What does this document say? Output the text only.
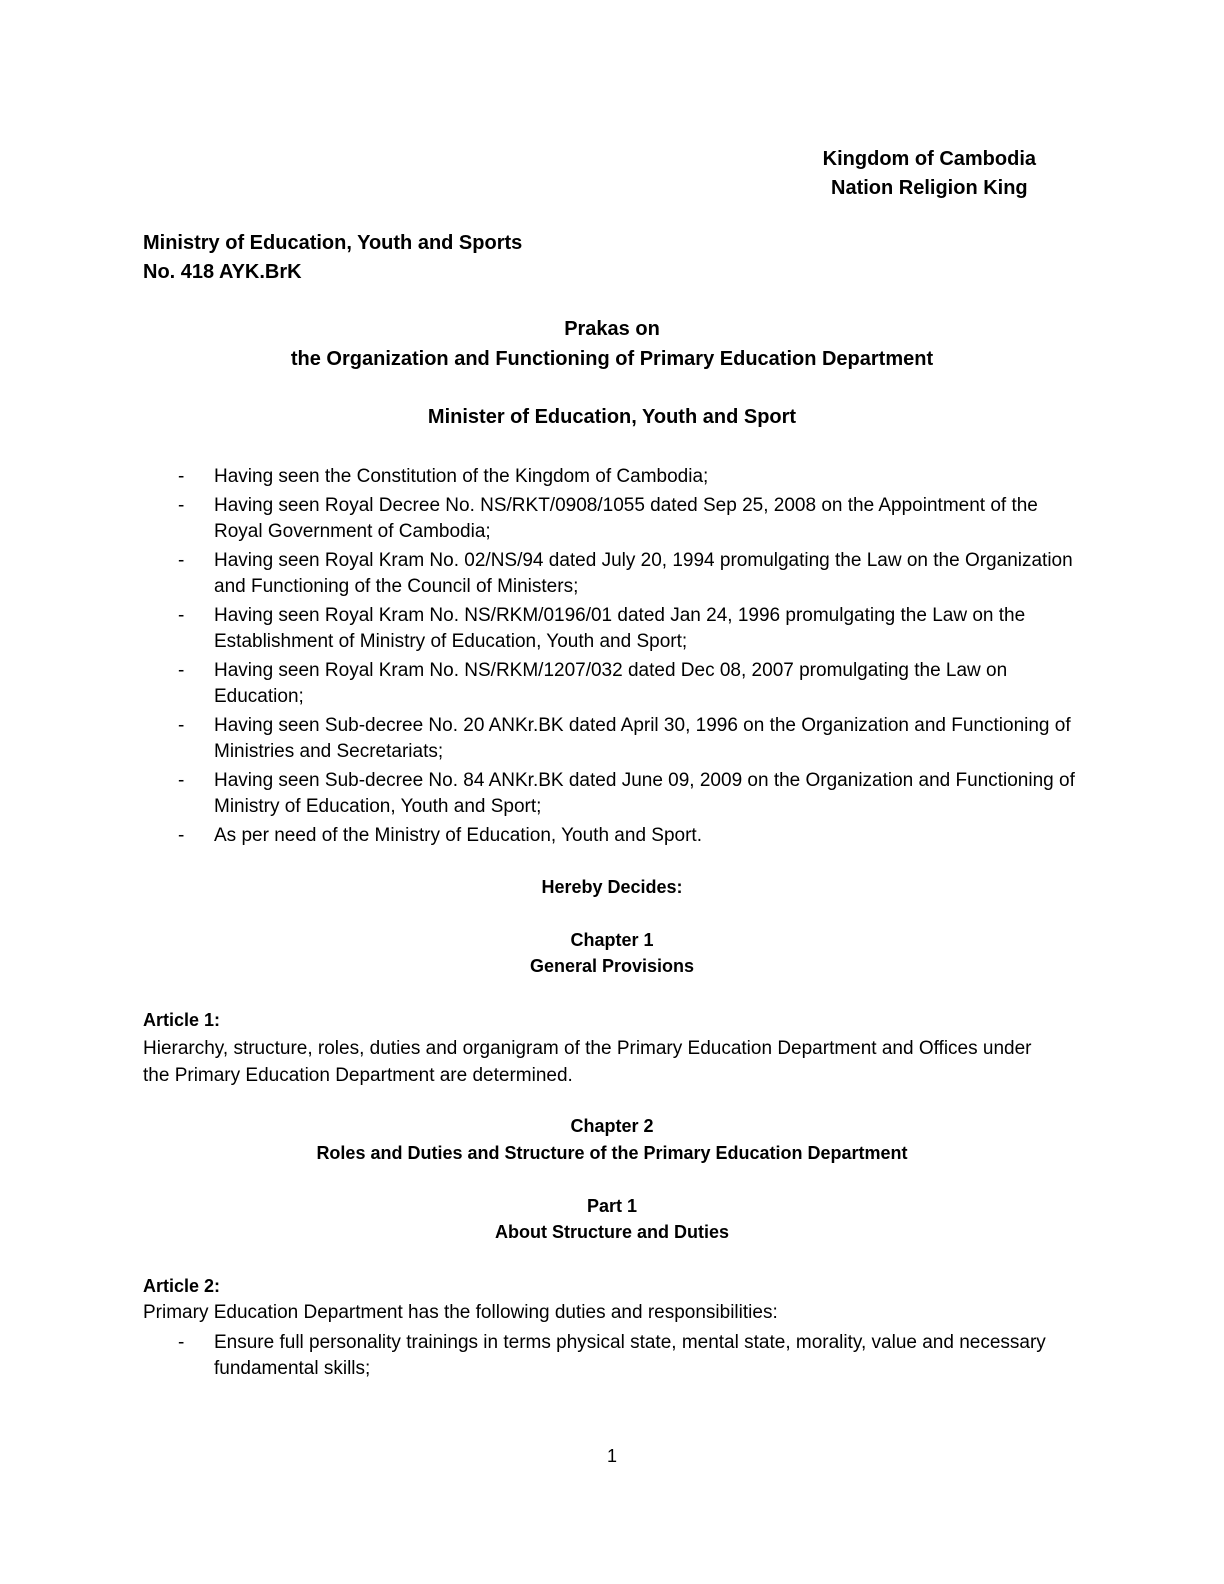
Kingdom of Cambodia
Nation Religion King
Ministry of Education, Youth and Sports
No. 418 AYK.BrK
Prakas on
the Organization and Functioning of Primary Education Department
Minister of Education, Youth and Sport
- Having seen the Constitution of the Kingdom of Cambodia;
- Having seen Royal Decree No. NS/RKT/0908/1055 dated Sep 25, 2008 on the Appointment of the Royal Government of Cambodia;
- Having seen Royal Kram No. 02/NS/94 dated July 20, 1994 promulgating the Law on the Organization and Functioning of the Council of Ministers;
- Having seen Royal Kram No. NS/RKM/0196/01 dated Jan 24, 1996 promulgating the Law on the Establishment of Ministry of Education, Youth and Sport;
- Having seen Royal Kram No. NS/RKM/1207/032 dated Dec 08, 2007 promulgating the Law on Education;
- Having seen Sub-decree No. 20 ANKr.BK dated April 30, 1996 on the Organization and Functioning of Ministries and Secretariats;
- Having seen Sub-decree No. 84 ANKr.BK dated June 09, 2009 on the Organization and Functioning of Ministry of Education, Youth and Sport;
- As per need of the Ministry of Education, Youth and Sport.
Hereby Decides:
Chapter 1
General Provisions
Article 1:
Hierarchy, structure, roles, duties and organigram of the Primary Education Department and Offices under the Primary Education Department are determined.
Chapter 2
Roles and Duties and Structure of the Primary Education Department
Part 1
About Structure and Duties
Article 2:
Primary Education Department has the following duties and responsibilities:
- Ensure full personality trainings in terms physical state, mental state, morality, value and necessary fundamental skills;
1
